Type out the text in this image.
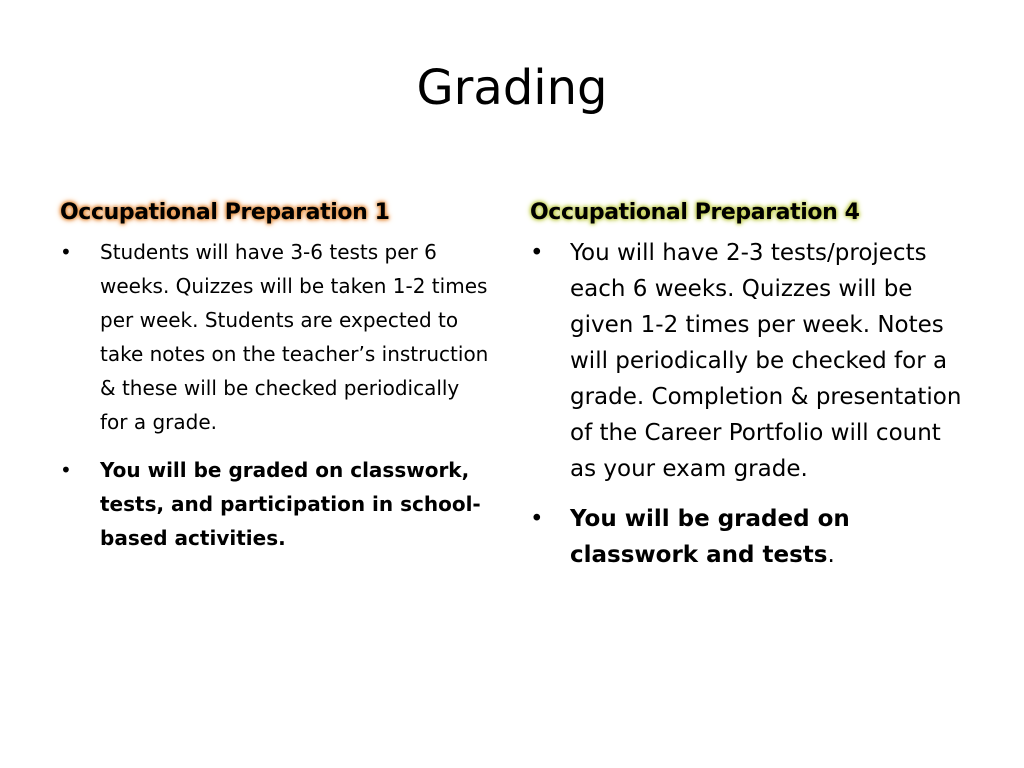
Grading
Occupational Preparation 1
• Students will have 3-6 tests per 6 weeks. Quizzes will be taken 1-2 times per week. Students are expected to take notes on the teacher’s instruction & these will be checked periodically for a grade.
• You will be graded on classwork, tests, and participation in school-based activities.
Occupational Preparation 4
• You will have 2-3 tests/projects each 6 weeks. Quizzes will be given 1-2 times per week. Notes will periodically be checked for a grade. Completion & presentation of the Career Portfolio will count as your exam grade.
• You will be graded on classwork and tests.
